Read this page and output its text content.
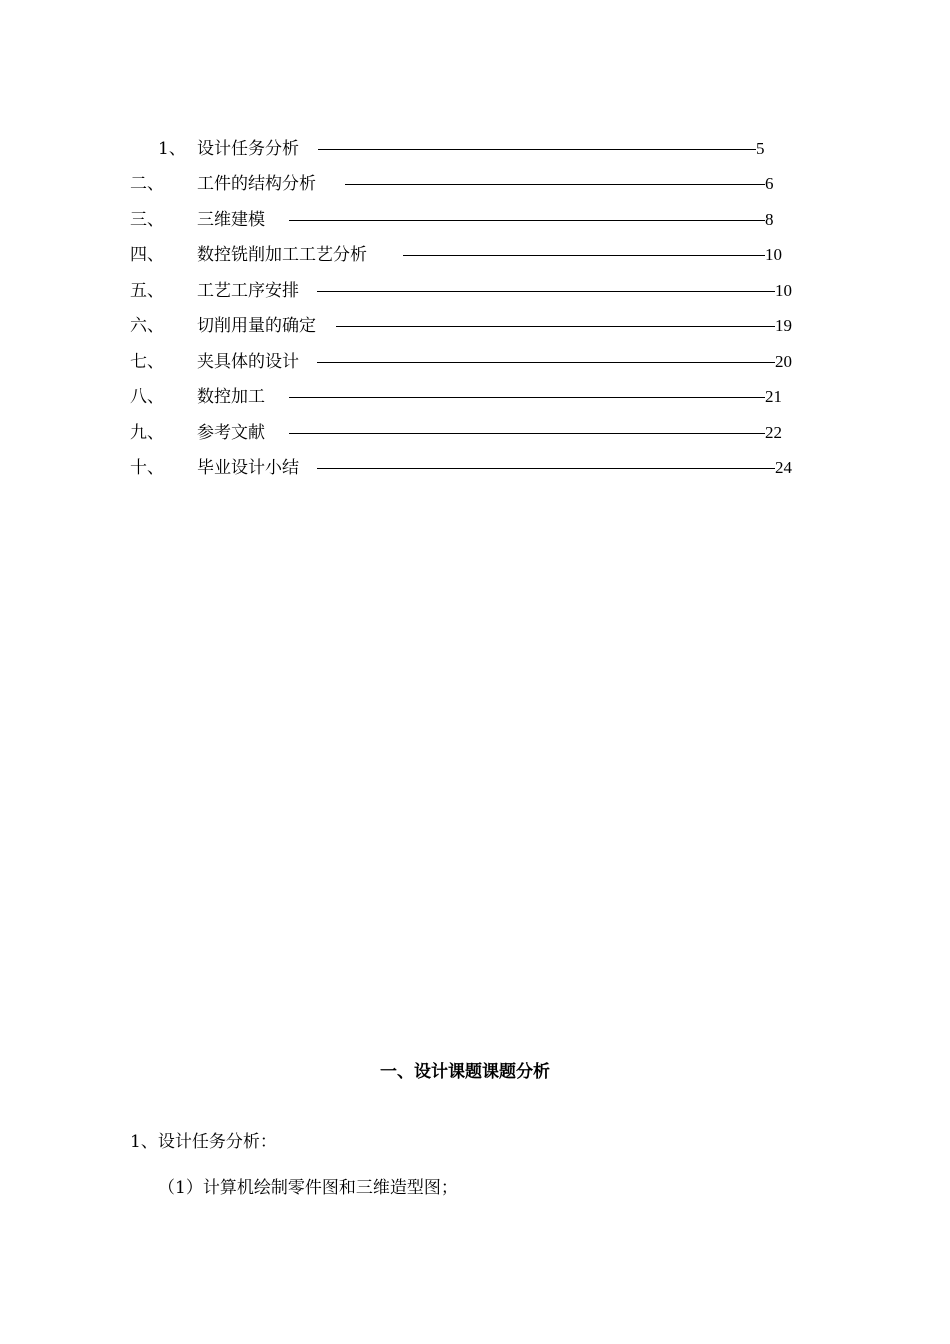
1、 设计任务分析	5
二、 工件的结构分析	6
三、 三维建模	8
四、 数控铣削加工工艺分析	10
五、 工艺工序安排	10
六、 切削用量的确定	19
七、 夹具体的设计	20
八、 数控加工	21
九、 参考文献	22
十、 毕业设计小结	24
一、设计课题课题分析
1、设计任务分析：
（1）计算机绘制零件图和三维造型图；
